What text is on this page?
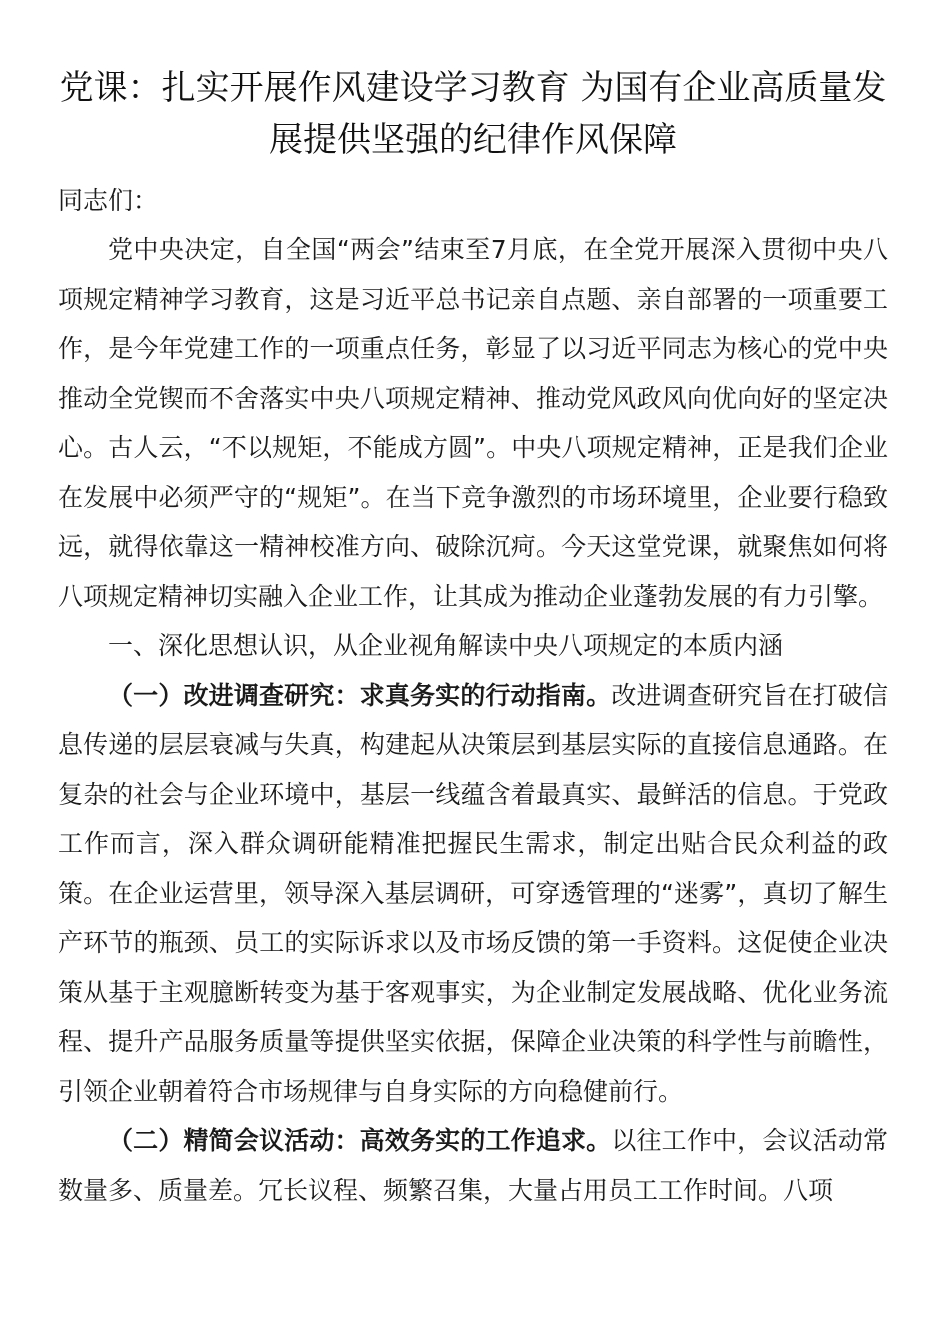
党课：扎实开展作风建设学习教育 为国有企业高质量发展提供坚强的纪律作风保障

同志们：

党中央决定，自全国“两会”结束至7月底，在全党开展深入贯彻中央八项规定精神学习教育，这是习近平总书记亲自点题、亲自部署的一项重要工作，是今年党建工作的一项重点任务，彰显了以习近平同志为核心的党中央推动全党锲而不舍落实中央八项规定精神、推动党风政风向优向好的坚定决心。古人云，“不以规矩，不能成方圆”。中央八项规定精神，正是我们企业在发展中必须严守的“规矩”。在当下竞争激烈的市场环境里，企业要行稳致远，就得依靠这一精神校准方向、破除沉疴。今天这堂党课，就聚焦如何将八项规定精神切实融入企业工作，让其成为推动企业蓬勃发展的有力引擎。

一、深化思想认识，从企业视角解读中央八项规定的本质内涵

（一）改进调查研究：求真务实的行动指南。改进调查研究旨在打破信息传递的层层衰减与失真，构建起从决策层到基层实际的直接信息通路。在复杂的社会与企业环境中，基层一线蕴含着最真实、最鲜活的信息。于党政工作而言，深入群众调研能精准把握民生需求，制定出贴合民众利益的政策。在企业运营里，领导深入基层调研，可穿透管理的“迷雾”，真切了解生产环节的瓶颈、员工的实际诉求以及市场反馈的第一手资料。这促使企业决策从基于主观臆断转变为基于客观事实，为企业制定发展战略、优化业务流程、提升产品服务质量等提供坚实依据，保障企业决策的科学性与前瞻性，引领企业朝着符合市场规律与自身实际的方向稳健前行。

（二）精简会议活动：高效务实的工作追求。以往工作中，会议活动常数量多、质量差。冗长议程、频繁召集，大量占用员工工作时间。八项
